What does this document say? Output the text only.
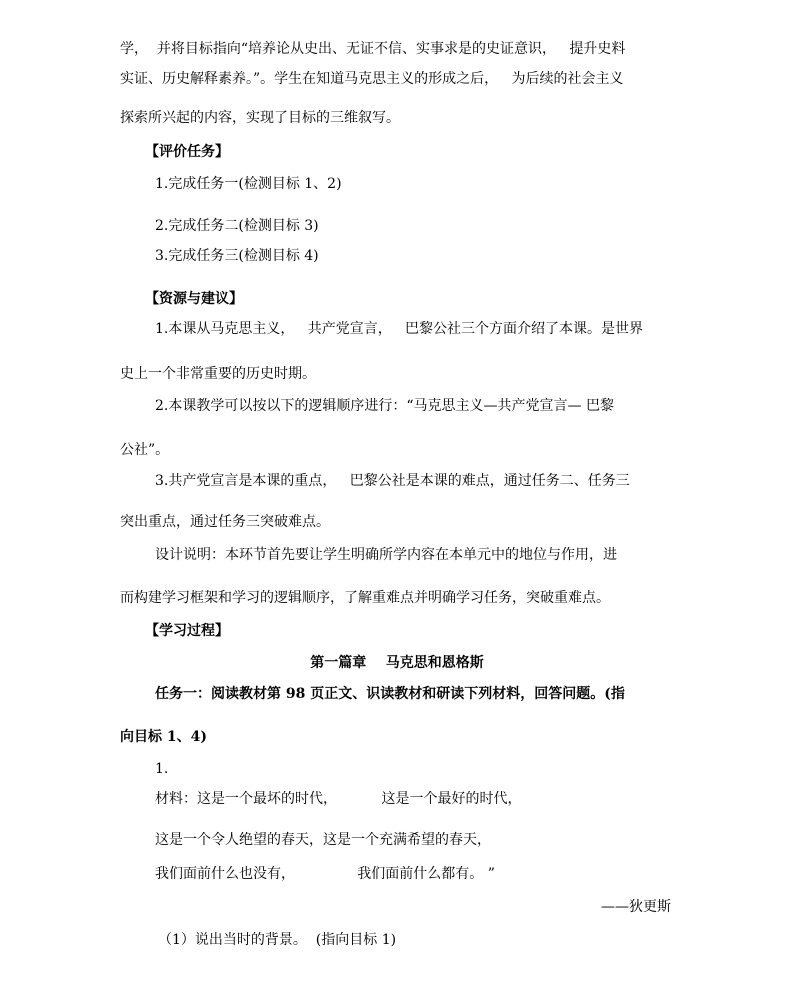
学，  并将目标指向“培养论从史出、无证不信、实事求是的史证意识，   提升史料
实证、历史解释素养。”。学生在知道马克思主义的形成之后，   为后续的社会主义
探索所兴起的内容，实现了目标的三维叙写。
【评价任务】
1.完成任务一(检测目标 1、2)
2.完成任务二(检测目标 3)
3.完成任务三(检测目标 4)
【资源与建议】
1.本课从马克思主义，   共产党宣言，   巴黎公社三个方面介绍了本课。是世界
史上一个非常重要的历史时期。
2.本课教学可以按以下的逻辑顺序进行：“马克思主义—共产党宣言— 巴黎
公社”。
3.共产党宣言是本课的重点，   巴黎公社是本课的难点，通过任务二、任务三
突出重点，通过任务三突破难点。
设计说明：本环节首先要让学生明确所学内容在本单元中的地位与作用，进
而构建学习框架和学习的逻辑顺序，了解重难点并明确学习任务，突破重难点。
【学习过程】
第一篇章    马克思和恩格斯
任务一：阅读教材第 98 页正文、识读教材和研读下列材料，回答问题。(指
向目标 1、4)
1.
材料：这是一个最坏的时代，          这是一个最好的时代，
这是一个令人绝望的春天，这是一个充满希望的春天，
我们面前什么也没有，              我们面前什么都有。 ”
——狄更斯
（1）说出当时的背景。  (指向目标 1)
